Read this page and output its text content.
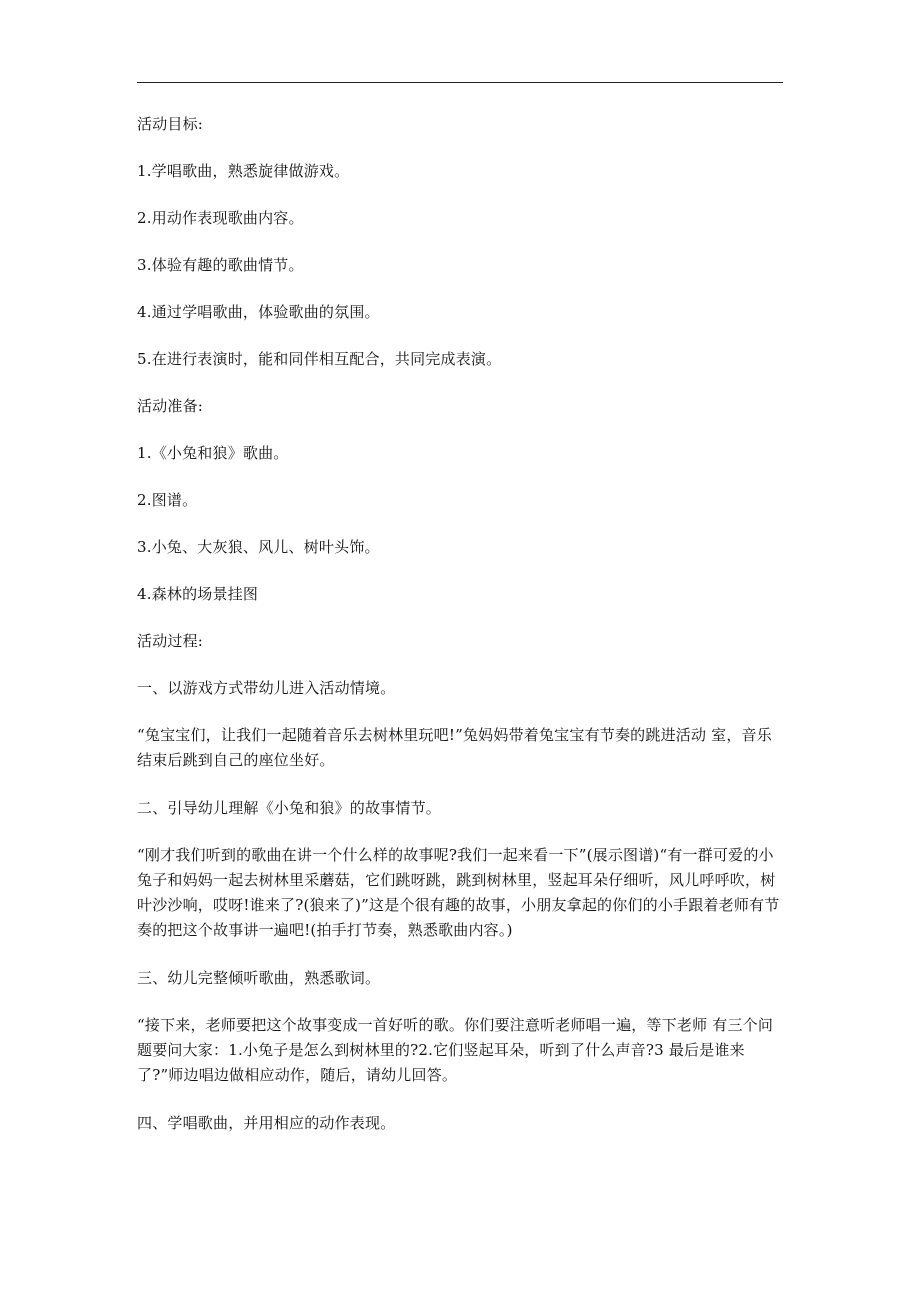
活动目标:

1.学唱歌曲，熟悉旋律做游戏。

2.用动作表现歌曲内容。

3.体验有趣的歌曲情节。

4.通过学唱歌曲，体验歌曲的氛围。

5.在进行表演时，能和同伴相互配合，共同完成表演。

活动准备:

1.《小兔和狼》歌曲。

2.图谱。

3.小兔、大灰狼、风儿、树叶头饰。

4.森林的场景挂图

活动过程:

一、以游戏方式带幼儿进入活动情境。

“兔宝宝们，让我们一起随着音乐去树林里玩吧!”兔妈妈带着兔宝宝有节奏的跳进活动 室，音乐结束后跳到自己的座位坐好。

二、引导幼儿理解《小兔和狼》的故事情节。

“刚才我们听到的歌曲在讲一个什么样的故事呢?我们一起来看一下”(展示图谱)“有一群可爱的小兔子和妈妈一起去树林里采蘑菇，它们跳呀跳，跳到树林里，竖起耳朵仔细听，风儿呼呼吹，树叶沙沙响，哎呀!谁来了?(狼来了)”这是个很有趣的故事，小朋友拿起的你们的小手跟着老师有节奏的把这个故事讲一遍吧!(拍手打节奏，熟悉歌曲内容。)

三、幼儿完整倾听歌曲，熟悉歌词。

“接下来，老师要把这个故事变成一首好听的歌。你们要注意听老师唱一遍，等下老师 有三个问题要问大家：1.小兔子是怎么到树林里的?2.它们竖起耳朵，听到了什么声音?3 最后是谁来了?”师边唱边做相应动作，随后，请幼儿回答。

四、学唱歌曲，并用相应的动作表现。
